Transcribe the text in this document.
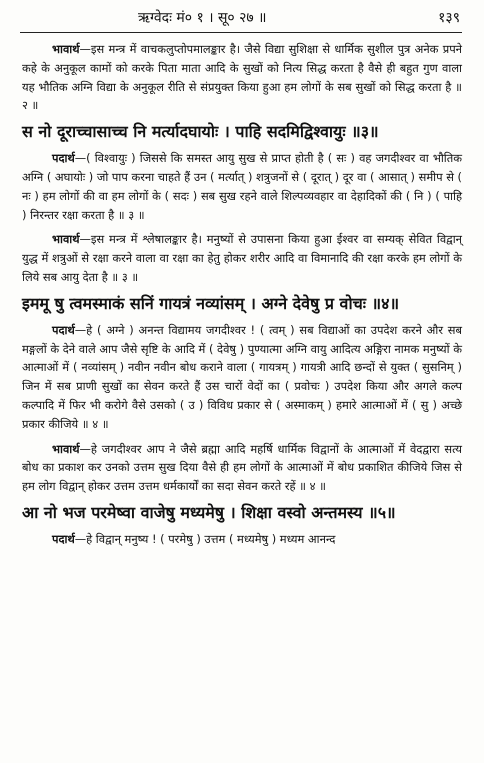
ऋग्वेदः मं० १ । सू० २७ ॥	१३९

भावार्थ—इस मन्त्र में वाचकलुप्तोपमालङ्कार है। जैसे विद्या सुशिक्षा से धार्मिक सुशील पुत्र अनेक प्रपने कहे के अनुकूल कामों को करके पिता माता आदि के सुखों को नित्य सिद्ध करता है वैसे ही बहुत गुण वाला यह भौतिक अग्नि विद्या के अनुकूल रीति से संप्रयुक्त किया हुआ हम लोगों के सब सुखों को सिद्ध करता है ॥ २ ॥

स नो दूराच्चासाच्च नि मर्त्यादघायोः । पाहि सदमिद्विश्वायुः ॥३॥

पदार्थ—( विश्वायुः ) जिससे कि समस्त आयु सुख से प्राप्त होती है ( सः ) वह जगदीश्वर वा भौतिक अग्नि ( अघायोः ) जो पाप करना चाहते हैं उन ( मर्त्यात् ) शत्रुजनों से ( दूरात् ) दूर वा ( आसात् ) समीप से ( नः ) हम लोगों की वा हम लोगों के ( सदः ) सब सुख रहने वाले शिल्पव्यवहार वा देहादिकों की ( नि ) ( पाहि ) निरन्तर रक्षा करता है ॥ ३ ॥

भावार्थ—इस मन्त्र में श्लेषालङ्कार है। मनुष्यों से उपासना किया हुआ ईश्वर वा सम्यक् सेवित विद्वान् युद्ध में शत्रुओं से रक्षा करने वाला वा रक्षा का हेतु होकर शरीर आदि वा विमानादि की रक्षा करके हम लोगों के लिये सब आयु देता है ॥ ३ ॥

इममू षु त्वमस्माकं सनिं गायत्रं नव्यांसम् । अग्ने देवेषु प्र वोचः ॥४॥

पदार्थ—हे ( अग्ने ) अनन्त विद्यामय जगदीश्वर ! ( त्वम् ) सब विद्याओं का उपदेश करने और सब मङ्गलों के देने वाले आप जैसे सृष्टि के आदि में ( देवेषु ) पुण्यात्मा अग्नि वायु आदित्य अङ्गिरा नामक मनुष्यों के आत्माओं में ( नव्यांसम् ) नवीन नवीन बोध कराने वाला ( गायत्रम् ) गायत्री आदि छन्दों से युक्त ( सुसनिम् ) जिन में सब प्राणी सुखों का सेवन करते हैं उस चारों वेदों का ( प्रवोचः ) उपदेश किया और अगले कल्प कल्पादि में फिर भी करोगे वैसे उसको ( उ ) विविध प्रकार से ( अस्माकम् ) हमारे आत्माओं में ( सु ) अच्छे प्रकार कीजिये ॥ ४ ॥

भावार्थ—हे जगदीश्वर आप ने जैसे ब्रह्मा आदि महर्षि धार्मिक विद्वानों के आत्माओं में वेदद्वारा सत्य बोध का प्रकाश कर उनको उत्तम सुख दिया वैसे ही हम लोगों के आत्माओं में बोध प्रकाशित कीजिये जिस से हम लोग विद्वान् होकर उत्तम उत्तम धर्मकार्यों का सदा सेवन करते रहें ॥ ४ ॥

आ नो भज परमेष्वा वाजेषु मध्यमेषु । शिक्षा वस्वो अन्तमस्य ॥५॥

पदार्थ—हे विद्वान् मनुष्य ! ( परमेषु ) उत्तम ( मध्यमेषु ) मध्यम आनन्द
